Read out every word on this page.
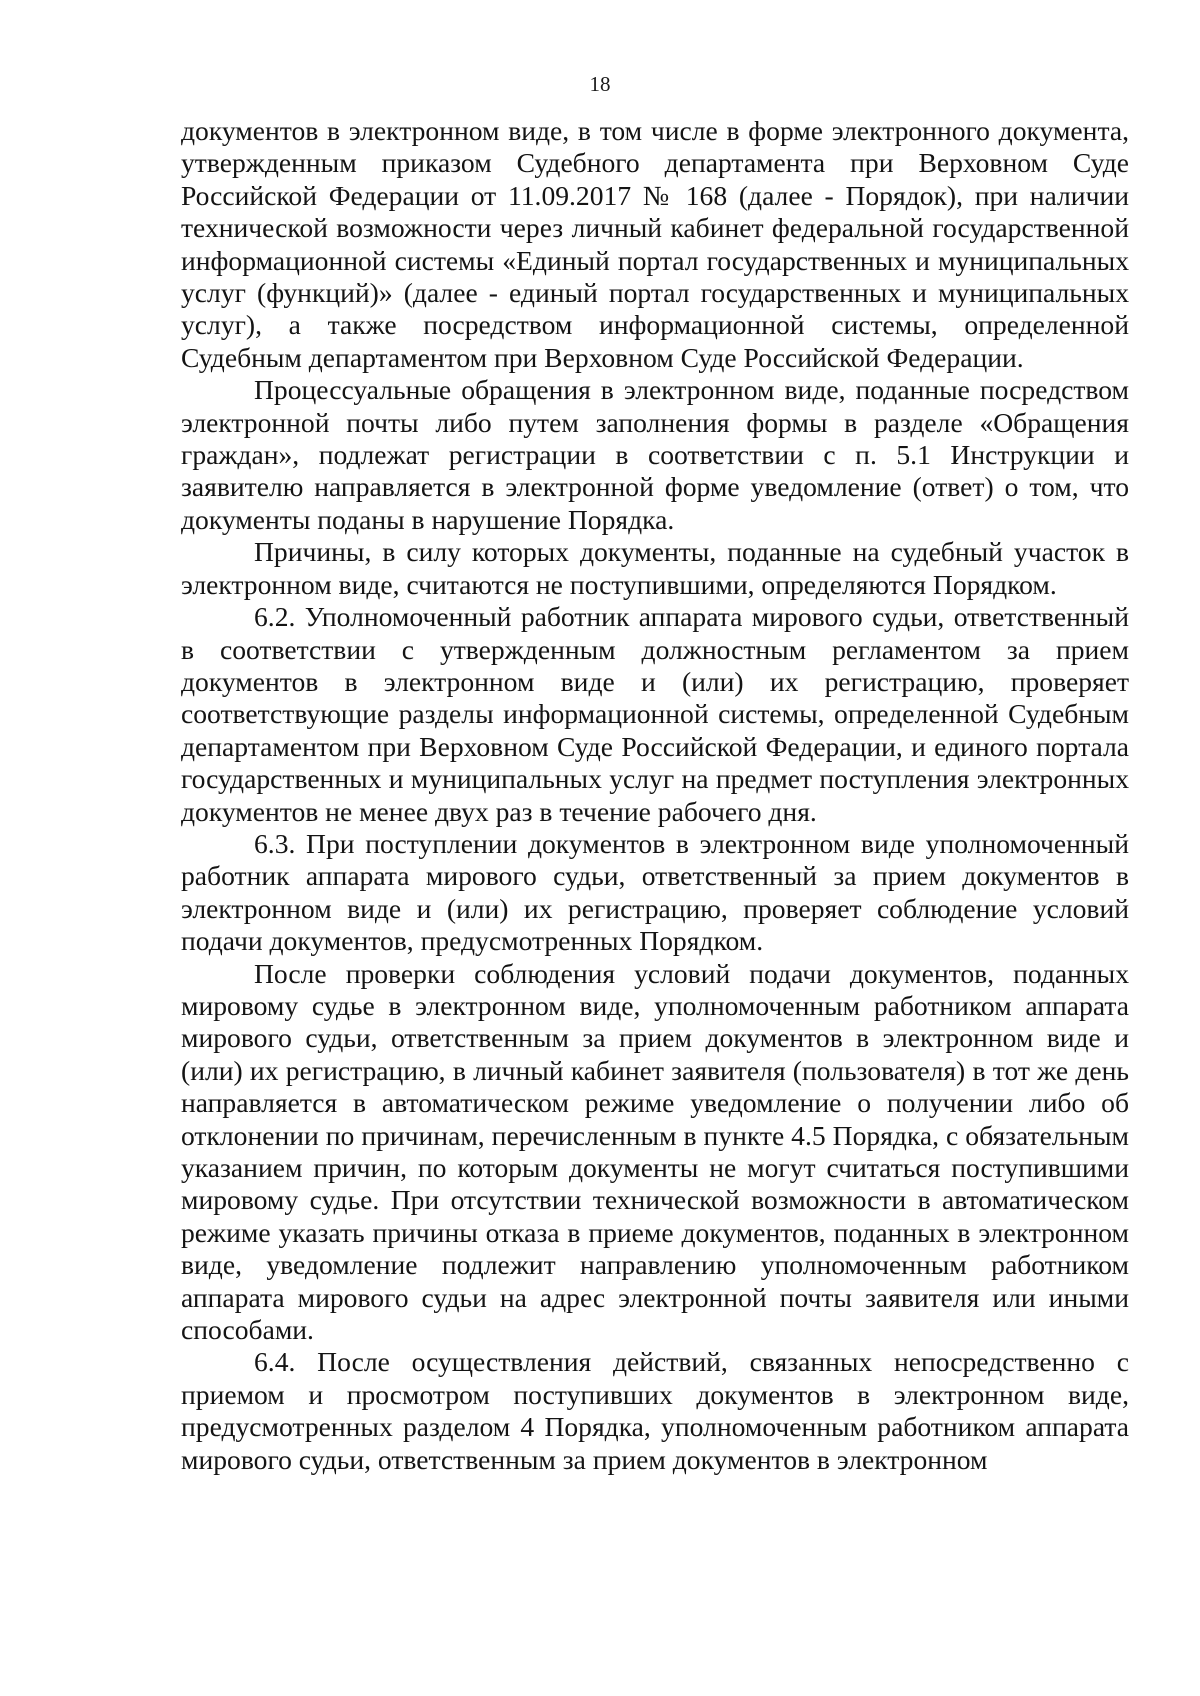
18

документов в электронном виде, в том числе в форме электронного документа, утвержденным приказом Судебного департамента при Верховном Суде Российской Федерации от 11.09.2017 № 168 (далее - Порядок), при наличии технической возможности через личный кабинет федеральной государственной информационной системы «Единый портал государственных и муниципальных услуг (функций)» (далее - единый портал государственных и муниципальных услуг), а также посредством информационной системы, определенной Судебным департаментом при Верховном Суде Российской Федерации.

Процессуальные обращения в электронном виде, поданные посредством электронной почты либо путем заполнения формы в разделе «Обращения граждан», подлежат регистрации в соответствии с п. 5.1 Инструкции и заявителю направляется в электронной форме уведомление (ответ) о том, что документы поданы в нарушение Порядка.

Причины, в силу которых документы, поданные на судебный участок в электронном виде, считаются не поступившими, определяются Порядком.

6.2. Уполномоченный работник аппарата мирового судьи, ответственный в соответствии с утвержденным должностным регламентом за прием документов в электронном виде и (или) их регистрацию, проверяет соответствующие разделы информационной системы, определенной Судебным департаментом при Верховном Суде Российской Федерации, и единого портала государственных и муниципальных услуг на предмет поступления электронных документов не менее двух раз в течение рабочего дня.

6.3. При поступлении документов в электронном виде уполномоченный работник аппарата мирового судьи, ответственный за прием документов в электронном виде и (или) их регистрацию, проверяет соблюдение условий подачи документов, предусмотренных Порядком.

После проверки соблюдения условий подачи документов, поданных мировому судье в электронном виде, уполномоченным работником аппарата мирового судьи, ответственным за прием документов в электронном виде и (или) их регистрацию, в личный кабинет заявителя (пользователя) в тот же день направляется в автоматическом режиме уведомление о получении либо об отклонении по причинам, перечисленным в пункте 4.5 Порядка, с обязательным указанием причин, по которым документы не могут считаться поступившими мировому судье. При отсутствии технической возможности в автоматическом режиме указать причины отказа в приеме документов, поданных в электронном виде, уведомление подлежит направлению уполномоченным работником аппарата мирового судьи на адрес электронной почты заявителя или иными способами.

6.4. После осуществления действий, связанных непосредственно с приемом и просмотром поступивших документов в электронном виде, предусмотренных разделом 4 Порядка, уполномоченным работником аппарата мирового судьи, ответственным за прием документов в электронном
